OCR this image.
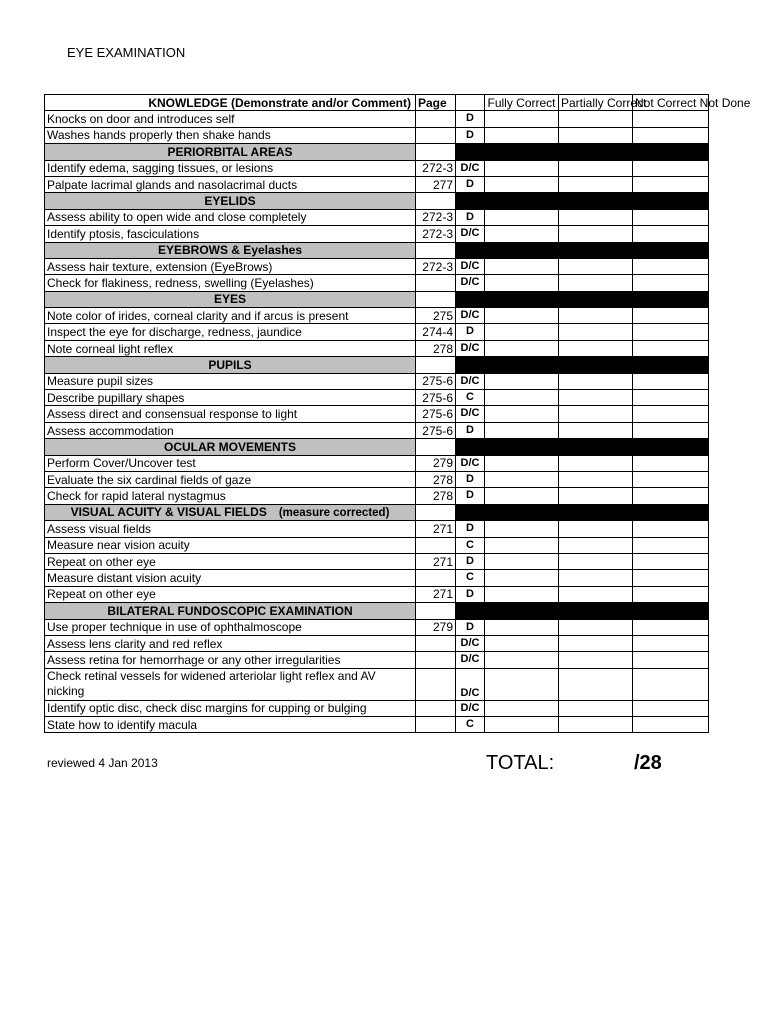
EYE EXAMINATION
KNOWLEDGE (Demonstrate and/or Comment)	Page		Fully Correct	Partially Correct	Not Correct Not Done
Knocks on door and introduces self		D			
Washes hands properly then shake hands		D			
PERIORBITAL AREAS					
Identify edema, sagging tissues, or lesions	272-3	D/C			
Palpate lacrimal glands and nasolacrimal ducts	277	D			
EYELIDS					
Assess ability to open wide and close completely	272-3	D			
Identify ptosis, fasciculations	272-3	D/C			
EYEBROWS & Eyelashes					
Assess hair texture, extension (EyeBrows)	272-3	D/C			
Check for flakiness, redness, swelling (Eyelashes)		D/C			
EYES					
Note color of irides, corneal clarity and if arcus is present	275	D/C			
Inspect the eye for discharge, redness, jaundice	274-4	D			
Note corneal light reflex	278	D/C			
PUPILS					
Measure pupil sizes	275-6	D/C			
Describe pupillary shapes	275-6	C			
Assess direct and consensual response to light	275-6	D/C			
Assess accommodation	275-6	D			
OCULAR MOVEMENTS					
Perform Cover/Uncover test	279	D/C			
Evaluate the six cardinal fields of gaze	278	D			
Check for rapid lateral nystagmus	278	D			
VISUAL ACUITY & VISUAL FIELDS (measure corrected)					
Assess visual fields	271	D			
Measure near vision acuity		C			
Repeat on other eye	271	D			
Measure distant vision acuity		C			
Repeat on other eye	271	D			
BILATERAL FUNDOSCOPIC EXAMINATION					
Use proper technique in use of ophthalmoscope	279	D			
Assess lens clarity and red reflex		D/C			
Assess retina for hemorrhage or any other irregularities		D/C			
Check retinal vessels for widened arteriolar light reflex and AV nicking		D/C			
Identify optic disc, check disc margins for cupping or bulging		D/C			
State how to identify macula		C			
reviewed 4 Jan 2013	TOTAL:	/28
